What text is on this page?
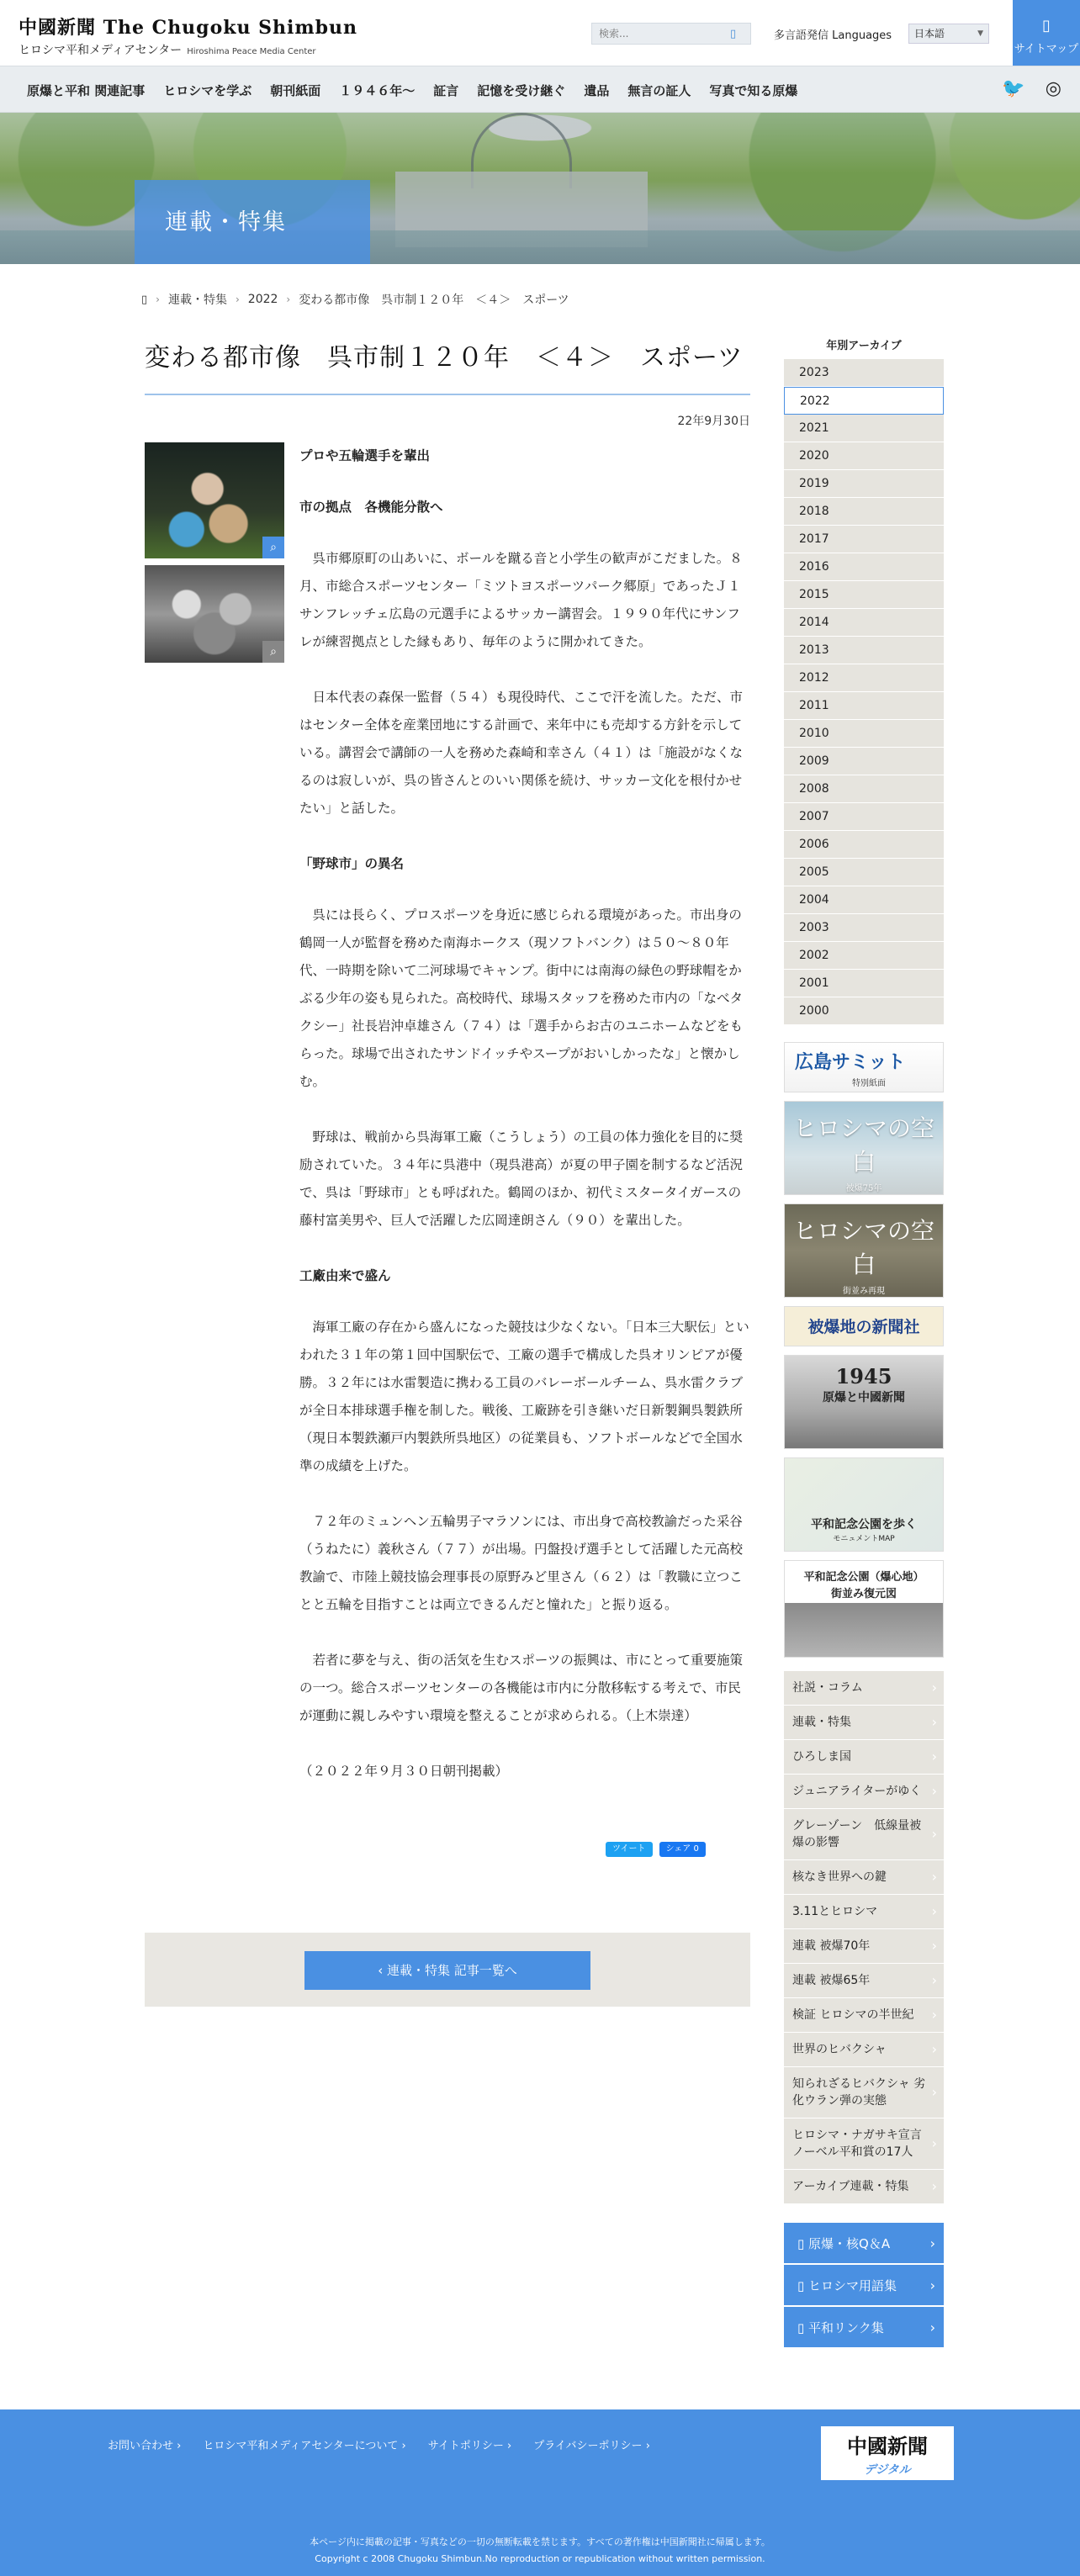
中國新聞 The Chugoku Shimbun
ヒロシマ平和メディアセンター Hiroshima Peace Media Center
検索...
▯	多言語発信 Languages	日本語	▼	▯
サイトマップ
原爆と平和 関連記事 ヒロシマを学ぶ 朝刊紙面 １９４６年〜 証言 記憶を受け継ぐ 遺品 無言の証人 写真で知る原爆	🐦 ◎
連載・特集
▯ › 連載・特集 › 2022 › 変わる都市像　呉市制１２０年　＜４＞　スポーツ
変わる都市像　呉市制１２０年　＜４＞　スポーツ
22年9月30日
⌕
⌕

プロや五輪選手を輩出

市の拠点　各機能分散へ

呉市郷原町の山あいに、ボールを蹴る音と小学生の歓声がこだました。８月、市総合スポーツセンター「ミツトヨスポーツパーク郷原」であったＪ１サンフレッチェ広島の元選手によるサッカー講習会。１９９０年代にサンフレが練習拠点とした縁もあり、毎年のように開かれてきた。

日本代表の森保一監督（５４）も現役時代、ここで汗を流した。ただ、市はセンター全体を産業団地にする計画で、来年中にも売却する方針を示している。講習会で講師の一人を務めた森崎和幸さん（４１）は「施設がなくなるのは寂しいが、呉の皆さんとのいい関係を続け、サッカー文化を根付かせたい」と話した。

「野球市」の異名

呉には長らく、プロスポーツを身近に感じられる環境があった。市出身の鶴岡一人が監督を務めた南海ホークス（現ソフトバンク）は５０〜８０年代、一時期を除いて二河球場でキャンプ。街中には南海の緑色の野球帽をかぶる少年の姿も見られた。高校時代、球場スタッフを務めた市内の「なべタクシー」社長岩沖卓雄さん（７４）は「選手からお古のユニホームなどをもらった。球場で出されたサンドイッチやスープがおいしかったな」と懐かしむ。

野球は、戦前から呉海軍工廠（こうしょう）の工員の体力強化を目的に奨励されていた。３４年に呉港中（現呉港高）が夏の甲子園を制するなど活況で、呉は「野球市」とも呼ばれた。鶴岡のほか、初代ミスタータイガースの藤村富美男や、巨人で活躍した広岡達朗さん（９０）を輩出した。

工廠由来で盛ん

海軍工廠の存在から盛んになった競技は少なくない。「日本三大駅伝」といわれた３１年の第１回中国駅伝で、工廠の選手で構成した呉オリンピアが優勝。３２年には水雷製造に携わる工員のバレーボールチーム、呉水雷クラブが全日本排球選手権を制した。戦後、工廠跡を引き継いだ日新製鋼呉製鉄所（現日本製鉄瀬戸内製鉄所呉地区）の従業員も、ソフトボールなどで全国水準の成績を上げた。

７２年のミュンヘン五輪男子マラソンには、市出身で高校教諭だった采谷（うねたに）義秋さん（７７）が出場。円盤投げ選手として活躍した元高校教諭で、市陸上競技協会理事長の原野みど里さん（６２）は「教職に立つことと五輪を目指すことは両立できるんだと憧れた」と振り返る。

若者に夢を与え、街の活気を生むスポーツの振興は、市にとって重要施策の一つ。総合スポーツセンターの各機能は市内に分散移転する考えで、市民が運動に親しみやすい環境を整えることが求められる。（上木崇達）

（２０２２年９月３０日朝刊掲載）

ツイート	シェア 0
‹ 連載・特集 記事一覧へ
年別アーカイブ
2023
2022
2021
2020
2019
2018
2017
2016
2015
2014
2013
2012
2011
2010
2009
2008
2007
2006
2005
2004
2003
2002
2001
2000
広島サミット
特別紙面
ヒロシマの空白
被爆75年
ヒロシマの空白
街並み再現
被爆地の新聞社
1945
原爆と中國新聞
平和記念公園を歩く
モニュメントMAP
平和記念公園（爆心地）
街並み復元図
社説・コラム ›
連載・特集 ›
ひろしま国 ›
ジュニアライターがゆく ›
グレーゾーン　低線量被爆の影響 ›
核なき世界への鍵 ›
3.11とヒロシマ ›
連載 被爆70年 ›
連載 被爆65年 ›
検証 ヒロシマの半世紀 ›
世界のヒバクシャ ›
知られざるヒバクシャ 劣化ウラン弾の実態 ›
ヒロシマ・ナガサキ宣言 ノーベル平和賞の17人 ›
アーカイブ連載・特集 ›
▯ 原爆・核Q＆A ›
▯ ヒロシマ用語集 ›
▯ 平和リンク集 ›
お問い合わせ › ヒロシマ平和メディアセンターについて › サイトポリシー › プライバシーポリシー ›	中國新聞
デジタル
本ページ内に掲載の記事・写真などの一切の無断転載を禁じます。すべての著作権は中国新聞社に帰属します。
Copyright c 2008 Chugoku Shimbun.No reproduction or republication without written permission.
